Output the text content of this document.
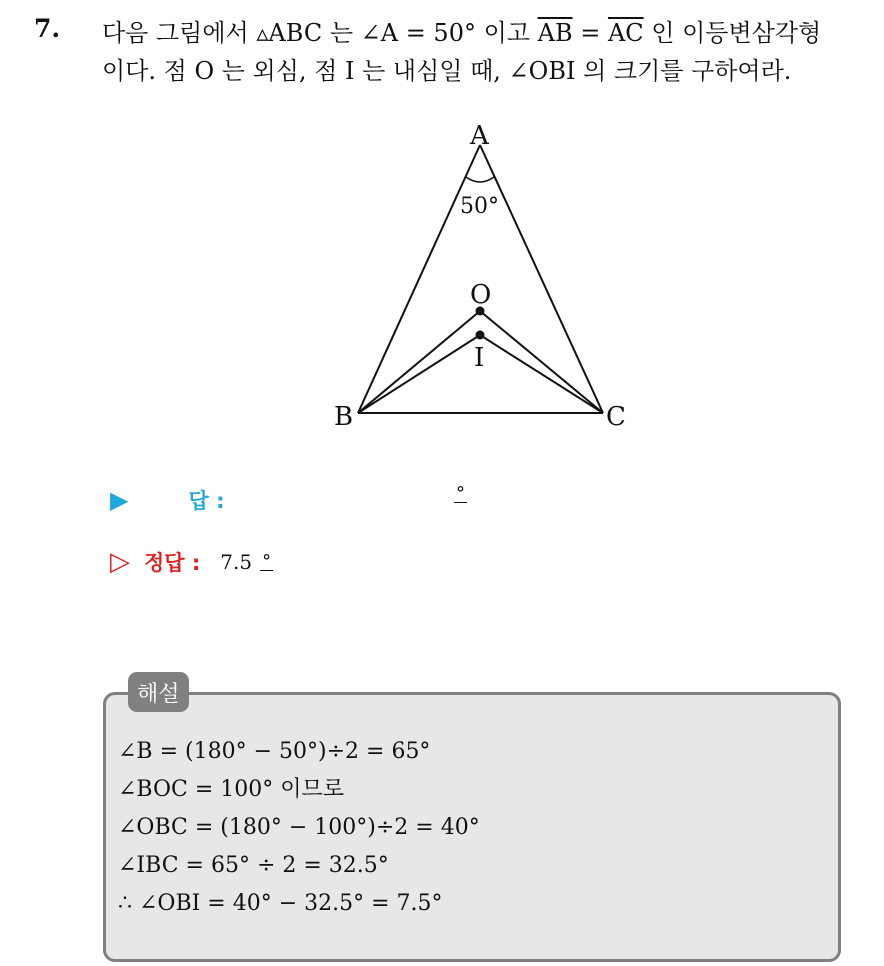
7. 다음 그림에서 ▵ABC 는 ∠A = 50° 이고 $\overline{AB} = \overline{AC}$ 인 이등변삼각형
이다. 점 O 는 외심, 점 I 는 내심일 때, ∠OBI 의 크기를 구하여라.
A
B	C
O
I
50°
▶	답 :	°
▷ 정답 : 7.5 °
해설
∠B = (180° − 50°)÷2 = 65°
∠BOC = 100° 이므로
∠OBC = (180° − 100°)÷2 = 40°
∠IBC = 65° ÷ 2 = 32.5°
∴ ∠OBI = 40° − 32.5° = 7.5°
